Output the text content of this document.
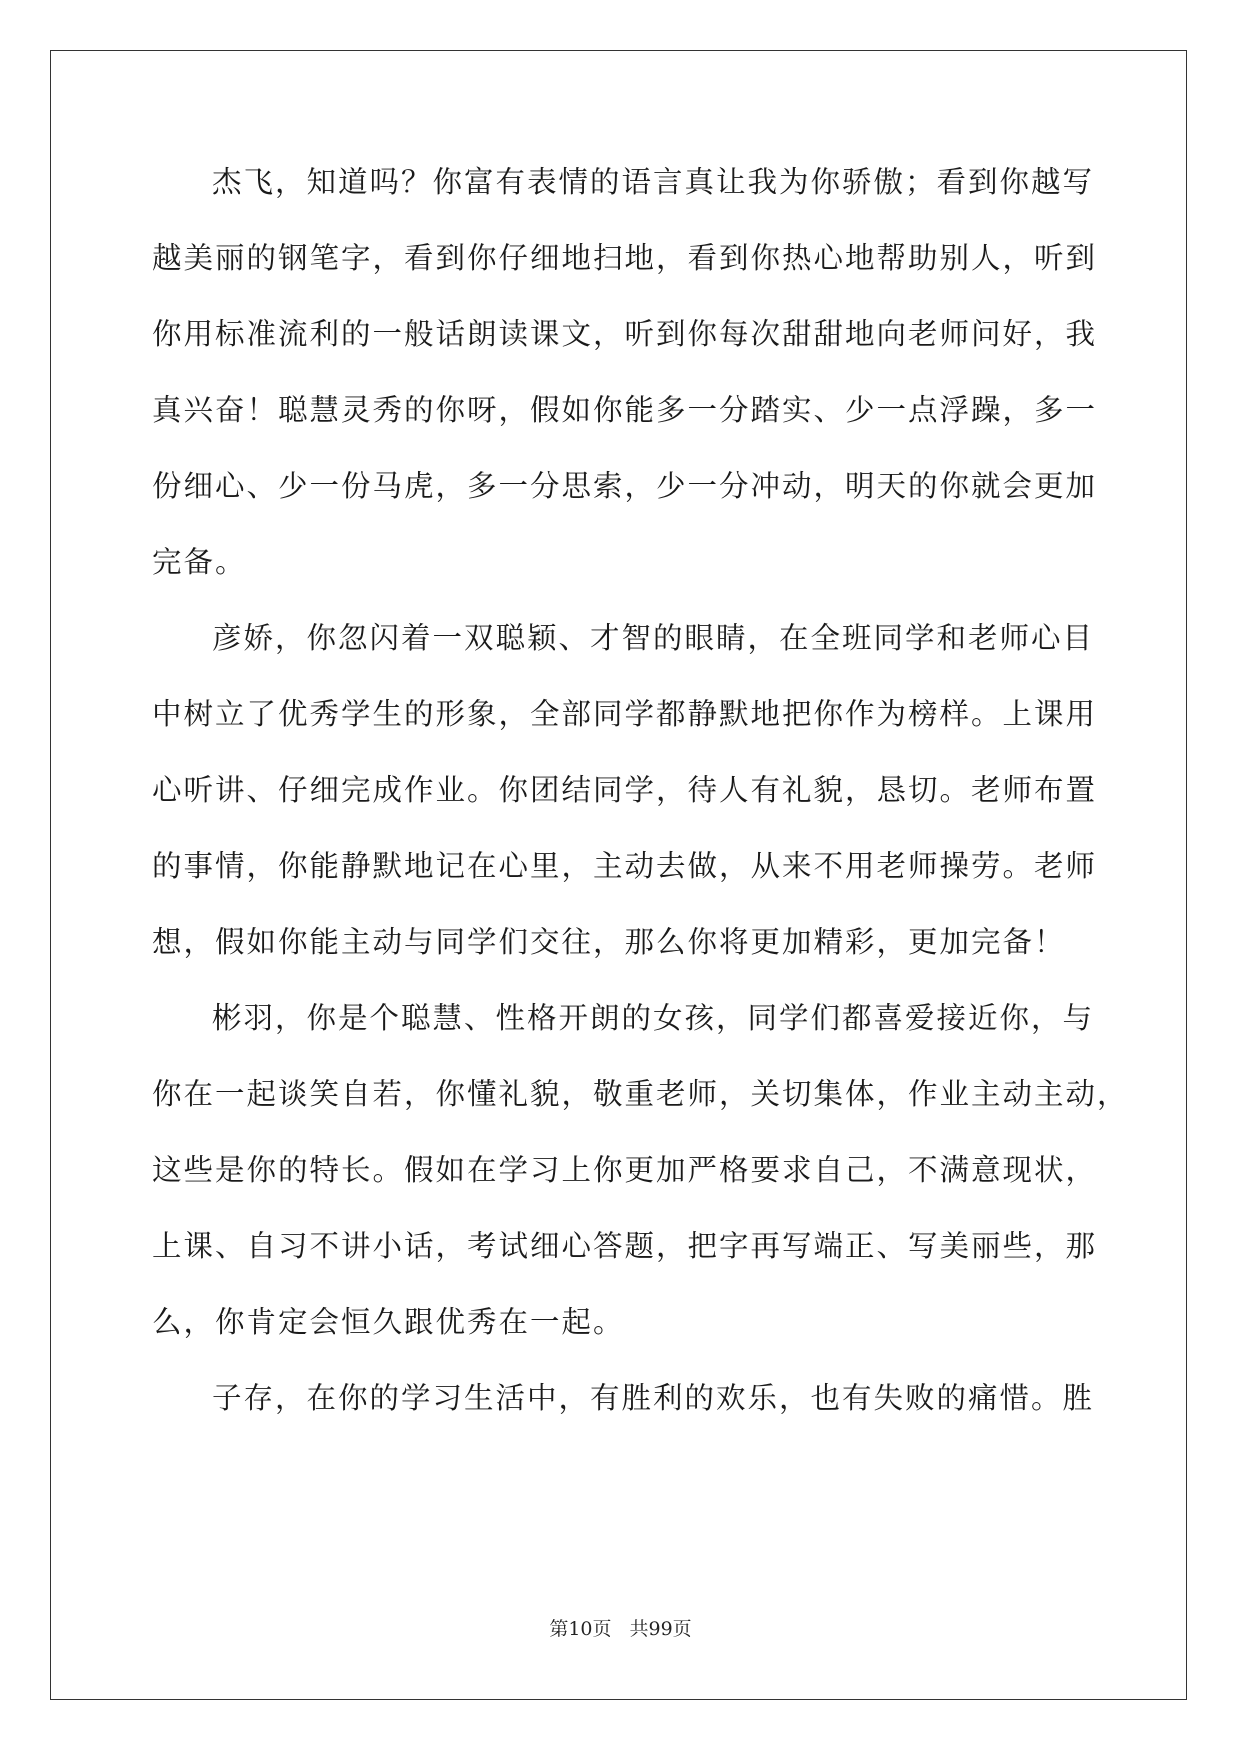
杰飞，知道吗？你富有表情的语言真让我为你骄傲；看到你越写
越美丽的钢笔字，看到你仔细地扫地，看到你热心地帮助别人，听到
你用标准流利的一般话朗读课文，听到你每次甜甜地向老师问好，我
真兴奋！聪慧灵秀的你呀，假如你能多一分踏实、少一点浮躁，多一
份细心、少一份马虎，多一分思索，少一分冲动，明天的你就会更加
完备。
彦娇，你忽闪着一双聪颖、才智的眼睛，在全班同学和老师心目
中树立了优秀学生的形象，全部同学都静默地把你作为榜样。上课用
心听讲、仔细完成作业。你团结同学，待人有礼貌，恳切。老师布置
的事情，你能静默地记在心里，主动去做，从来不用老师操劳。老师
想，假如你能主动与同学们交往，那么你将更加精彩，更加完备！
彬羽，你是个聪慧、性格开朗的女孩，同学们都喜爱接近你，与
你在一起谈笑自若，你懂礼貌，敬重老师，关切集体，作业主动主动，
这些是你的特长。假如在学习上你更加严格要求自己，不满意现状，
上课、自习不讲小话，考试细心答题，把字再写端正、写美丽些，那
么，你肯定会恒久跟优秀在一起。
子存，在你的学习生活中，有胜利的欢乐，也有失败的痛惜。胜
第10页 共99页
